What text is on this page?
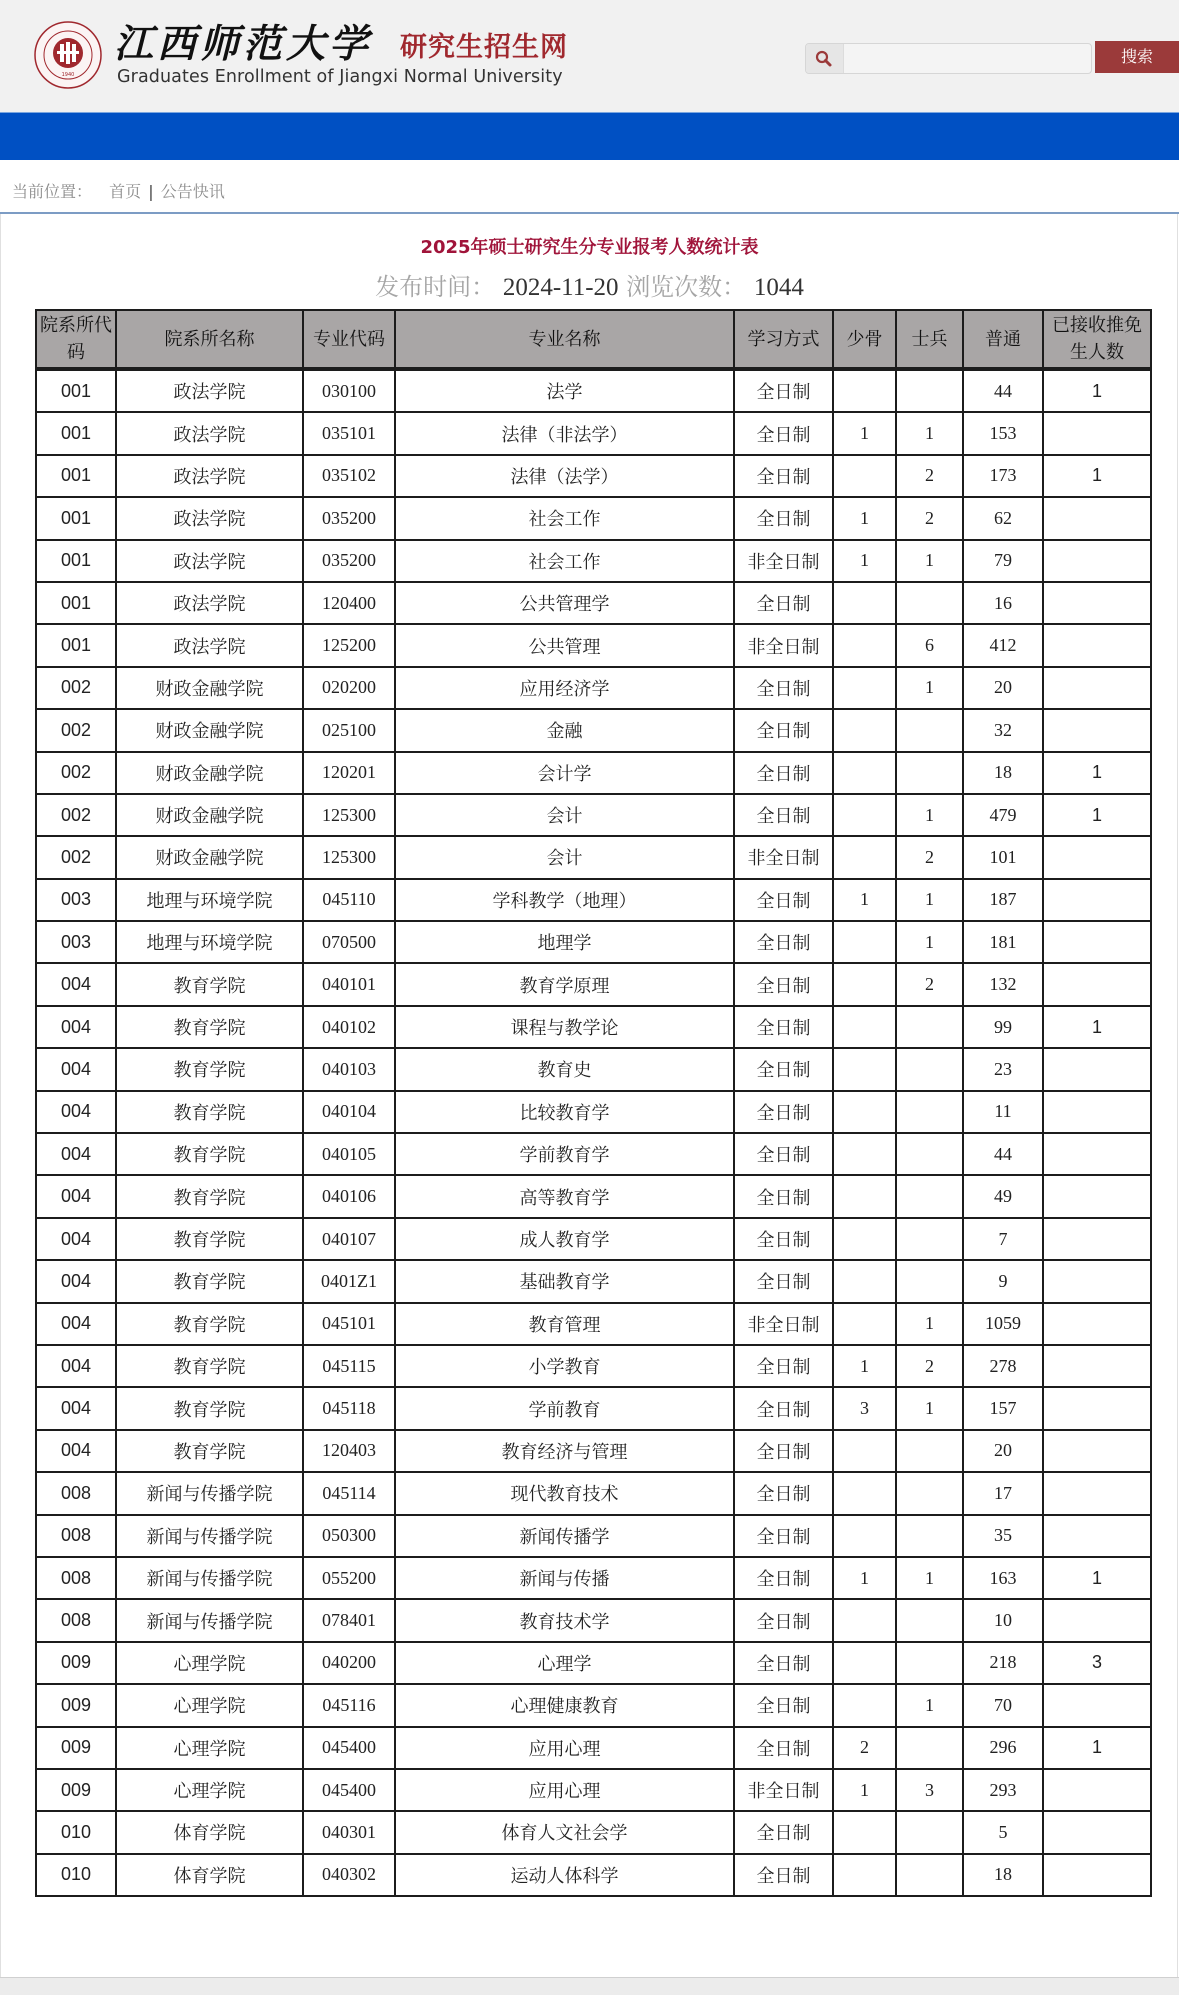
1940
江西师范大学 研究生招生网
Graduates Enrollment of Jiangxi Normal University
搜索
当前位置： 首页 | 公告快讯
2025年硕士研究生分专业报考人数统计表
发布时间： 2024-11-20 浏览次数： 1044
院系所代码	院系所名称	专业代码	专业名称	学习方式	少骨	士兵	普通	已接收推免生人数
001	政法学院	030100	法学	全日制			44	1
001	政法学院	035101	法律（非法学）	全日制	1	1	153	
001	政法学院	035102	法律（法学）	全日制		2	173	1
001	政法学院	035200	社会工作	全日制	1	2	62	
001	政法学院	035200	社会工作	非全日制	1	1	79	
001	政法学院	120400	公共管理学	全日制			16	
001	政法学院	125200	公共管理	非全日制		6	412	
002	财政金融学院	020200	应用经济学	全日制		1	20	
002	财政金融学院	025100	金融	全日制			32	
002	财政金融学院	120201	会计学	全日制			18	1
002	财政金融学院	125300	会计	全日制		1	479	1
002	财政金融学院	125300	会计	非全日制		2	101	
003	地理与环境学院	045110	学科教学（地理）	全日制	1	1	187	
003	地理与环境学院	070500	地理学	全日制		1	181	
004	教育学院	040101	教育学原理	全日制		2	132	
004	教育学院	040102	课程与教学论	全日制			99	1
004	教育学院	040103	教育史	全日制			23	
004	教育学院	040104	比较教育学	全日制			11	
004	教育学院	040105	学前教育学	全日制			44	
004	教育学院	040106	高等教育学	全日制			49	
004	教育学院	040107	成人教育学	全日制			7	
004	教育学院	0401Z1	基础教育学	全日制			9	
004	教育学院	045101	教育管理	非全日制		1	1059	
004	教育学院	045115	小学教育	全日制	1	2	278	
004	教育学院	045118	学前教育	全日制	3	1	157	
004	教育学院	120403	教育经济与管理	全日制			20	
008	新闻与传播学院	045114	现代教育技术	全日制			17	
008	新闻与传播学院	050300	新闻传播学	全日制			35	
008	新闻与传播学院	055200	新闻与传播	全日制	1	1	163	1
008	新闻与传播学院	078401	教育技术学	全日制			10	
009	心理学院	040200	心理学	全日制			218	3
009	心理学院	045116	心理健康教育	全日制		1	70	
009	心理学院	045400	应用心理	全日制	2		296	1
009	心理学院	045400	应用心理	非全日制	1	3	293	
010	体育学院	040301	体育人文社会学	全日制			5	
010	体育学院	040302	运动人体科学	全日制			18	
